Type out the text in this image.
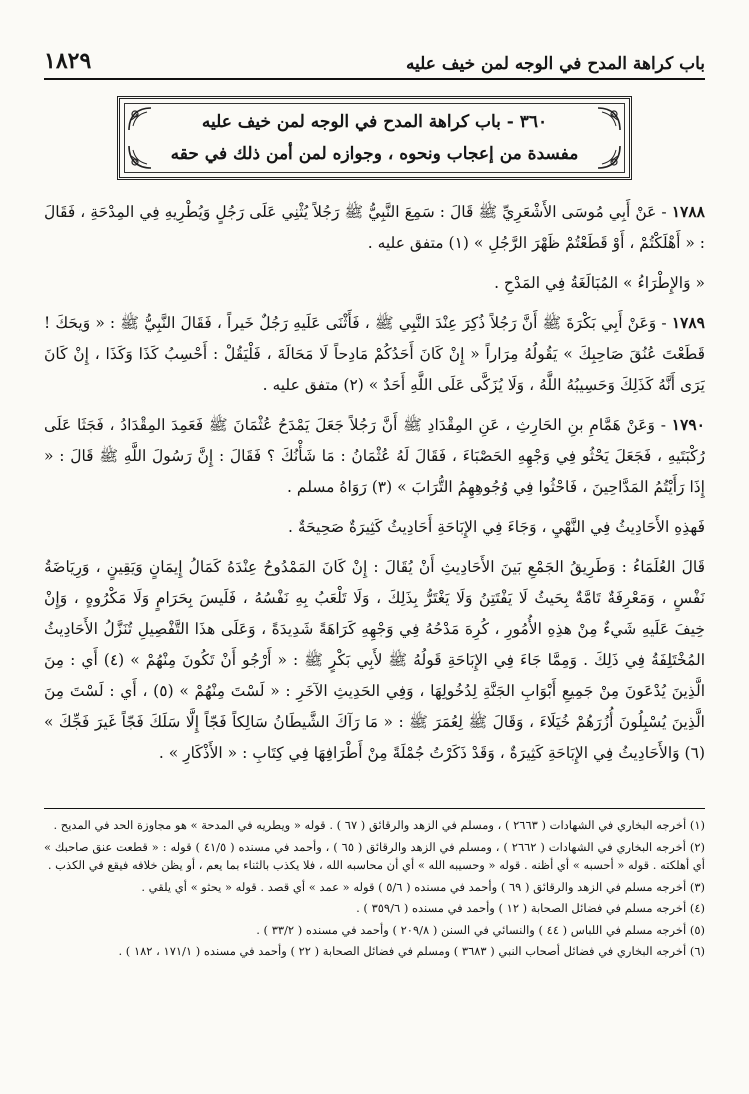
باب كراهة المدح في الوجه لمن خيف عليه
١٨٢٩
٣٦٠ - باب كراهة المدح في الوجه لمن خيف عليه
مفسدة من إعجاب ونحوه ، وجوازه لمن أمن ذلك في حقه

١٧٨٨ - عَنْ أَبِي مُوسَى الأَشْعَرِيِّ ﷺ قَالَ : سَمِعَ النَّبِيُّ ﷺ رَجُلاً يُثْنِي عَلَى رَجُلٍ وَيُطْرِيهِ فِي المِدْحَةِ ، فَقَالَ : « أَهْلَكْتُمْ ، أَوْ قَطَعْتُمْ ظَهْرَ الرَّجُلِ » (١) متفق عليه .

« وَالإِطْرَاءُ » المُبَالَغَةُ فِي المَدْحِ .

١٧٨٩ - وَعَنْ أَبِي بَكْرَةَ ﷺ أَنَّ رَجُلاً ذُكِرَ عِنْدَ النَّبِي ﷺ ، فَأَثْنَى عَلَيهِ رَجُلٌ خَيراً ، فَقَالَ النَّبِيُّ ﷺ : « وَيحَكَ ! قَطَعْتَ عُنُقَ صَاحِبِكَ » يَقُولُهُ مِرَاراً « إِنْ كَانَ أَحَدُكُمْ مَادِحاً لَا مَحَالَةَ ، فَلْيَقُلْ : أَحْسِبُ كَذَا وَكَذَا ، إِنْ كَانَ يَرَى أَنَّهُ كَذَلِكَ وَحَسِيبُهُ اللَّهُ ، وَلَا يُزَكَّى عَلَى اللَّهِ أَحَدٌ » (٢) متفق عليه .

١٧٩٠ - وَعَنْ هَمَّامِ بنِ الحَارِثِ ، عَنِ المِقْدَادِ ﷺ أَنَّ رَجُلاً جَعَلَ يَمْدَحُ عُثْمَانَ ﷺ فَعَمِدَ المِقْدَادُ ، فَجَثَا عَلَى رُكْبَتَيهِ ، فَجَعَلَ يَحْثُو فِي وَجْهِهِ الحَصْبَاءَ ، فَقَالَ لَهُ عُثْمَانُ : مَا شَأْنُكَ ؟ فَقَالَ : إِنَّ رَسُولَ اللَّهِ ﷺ قَالَ : « إِذَا رَأَيْتُمُ المَدَّاحِينَ ، فَاحْثُوا فِي وُجُوهِهِمُ التُّرَابَ » (٣) رَوَاهُ مسلم .

فَهذِهِ الأَحَادِيثُ فِي النَّهْيِ ، وَجَاءَ فِي الإِبَاحَةِ أَحَادِيثُ كَثِيرَةٌ صَحِيحَةٌ .

قَالَ العُلَمَاءُ : وَطَرِيقُ الجَمْعِ بَينَ الأَحَادِيثِ أَنْ يُقَالَ : إِنْ كَانَ المَمْدُوحُ عِنْدَهُ كَمَالُ إِيمَانٍ وَيَقِينٍ ، وَرِيَاضَةُ نَفْسٍ ، وَمَعْرِفَةٌ تَامَّةٌ بِحَيثُ لَا يَفْتَتِنُ وَلَا يَغْتَرُّ بِذَلِكَ ، وَلَا تَلْعَبُ بِهِ نَفْسُهُ ، فَلَيسَ بِحَرَامٍ وَلَا مَكْرُوهٍ ، وَإِنْ خِيفَ عَلَيهِ شَيءٌ مِنْ هذِهِ الأُمُورِ ، كُرِهَ مَدْحُهُ فِي وَجْهِهِ كَرَاهَةً شَدِيدَةً ، وَعَلَى هذَا التَّفْصِيلِ تُنَزَّلُ الأَحَادِيثُ المُخْتَلِفَةُ فِي ذَلِكَ . وَمِمَّا جَاءَ فِي الإِبَاحَةِ قَولُهُ ﷺ لأَبِي بَكْرٍ ﷺ : « أَرْجُو أَنْ تَكُونَ مِنْهُمْ » (٤) أَي : مِنَ الَّذِينَ يُدْعَونَ مِنْ جَمِيعِ أَبْوَابِ الجَنَّةِ لِدُخُولِهَا ، وَفِي الحَدِيثِ الآخَرِ : « لَسْتَ مِنْهُمْ » (٥) ، أَي : لَسْتَ مِنَ الَّذِينَ يُسْبِلُونَ أُزُرَهُمْ خُيَلَاءَ ، وَقَالَ ﷺ لِعُمَرَ ﷺ : « مَا رَآكَ الشَّيطَانُ سَالِكاً فَجّاً إِلَّا سَلَكَ فَجّاً غَيرَ فَجِّكَ » (٦) وَالأَحَادِيثُ فِي الإِبَاحَةِ كَثِيرَةٌ ، وَقَدْ ذَكَرْتُ جُمْلَةً مِنْ أَطْرَافِهَا فِي كِتَابِ : « الأَذْكَارِ » .

(١) أخرجه البخاري في الشهادات ( ٢٦٦٣ ) ، ومسلم في الزهد والرقائق ( ٦٧ ) . قوله « ويطريه في المدحة » هو مجاوزة الحد في المديح .

(٢) أخرجه البخاري في الشهادات ( ٢٦٦٢ ) ، ومسلم في الزهد والرقائق ( ٦٥ ) ، وأحمد في مسنده ( ٤١/٥ ) قوله : « قطعت عنق صاحبك » أي أهلكته . قوله « أحسبه » أي أظنه . قوله « وحسيبه الله » أي أن محاسبه الله ، فلا يكذب بالثناء بما يعم ، أو يظن خلافه فيقع في الكذب .

(٣) أخرجه مسلم في الزهد والرقائق ( ٦٩ ) وأحمد في مسنده ( ٥/٦ ) قوله « عمد » أي قصد . قوله « يحثو » أي يلقي .

(٤) أخرجه مسلم في فضائل الصحابة ( ١٢ ) وأحمد في مسنده ( ٣٥٩/٦ ) .

(٥) أخرجه مسلم في اللباس ( ٤٤ ) والنسائي في السنن ( ٢٠٩/٨ ) وأحمد في مسنده ( ٣٣/٢ ) .

(٦) أخرجه البخاري في فضائل أصحاب النبي ( ٣٦٨٣ ) ومسلم في فضائل الصحابة ( ٢٢ ) وأحمد في مسنده ( ١٧١/١ ، ١٨٢ ) .
